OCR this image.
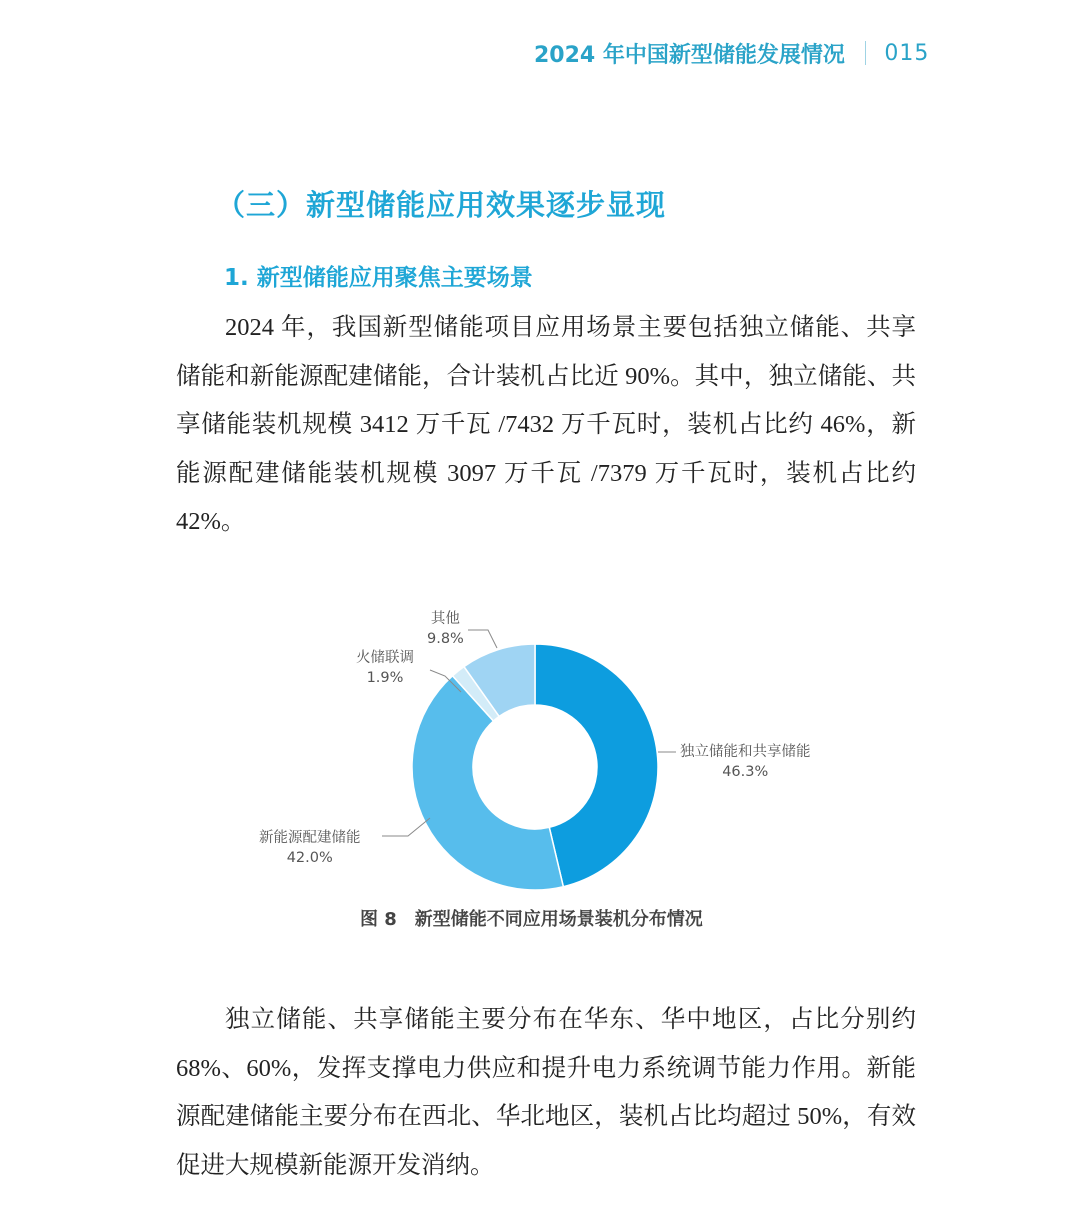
2024 年中国新型储能发展情况 015
（三）新型储能应用效果逐步显现
1. 新型储能应用聚焦主要场景

2024 年，我国新型储能项目应用场景主要包括独立储能、共享储能和新能源配建储能，合计装机占比近 90%。其中，独立储能、共享储能装机规模 3412 万千瓦 /7432 万千瓦时，装机占比约 46%，新能源配建储能装机规模 3097 万千瓦 /7379 万千瓦时，装机占比约 42%。

独立储能和共享储能
46.3%
新能源配建储能
42.0%
火储联调
1.9%
其他
9.8%
图 8 新型储能不同应用场景装机分布情况

独立储能、共享储能主要分布在华东、华中地区，占比分别约 68%、60%，发挥支撑电力供应和提升电力系统调节能力作用。新能源配建储能主要分布在西北、华北地区，装机占比均超过 50%，有效促进大规模新能源开发消纳。
